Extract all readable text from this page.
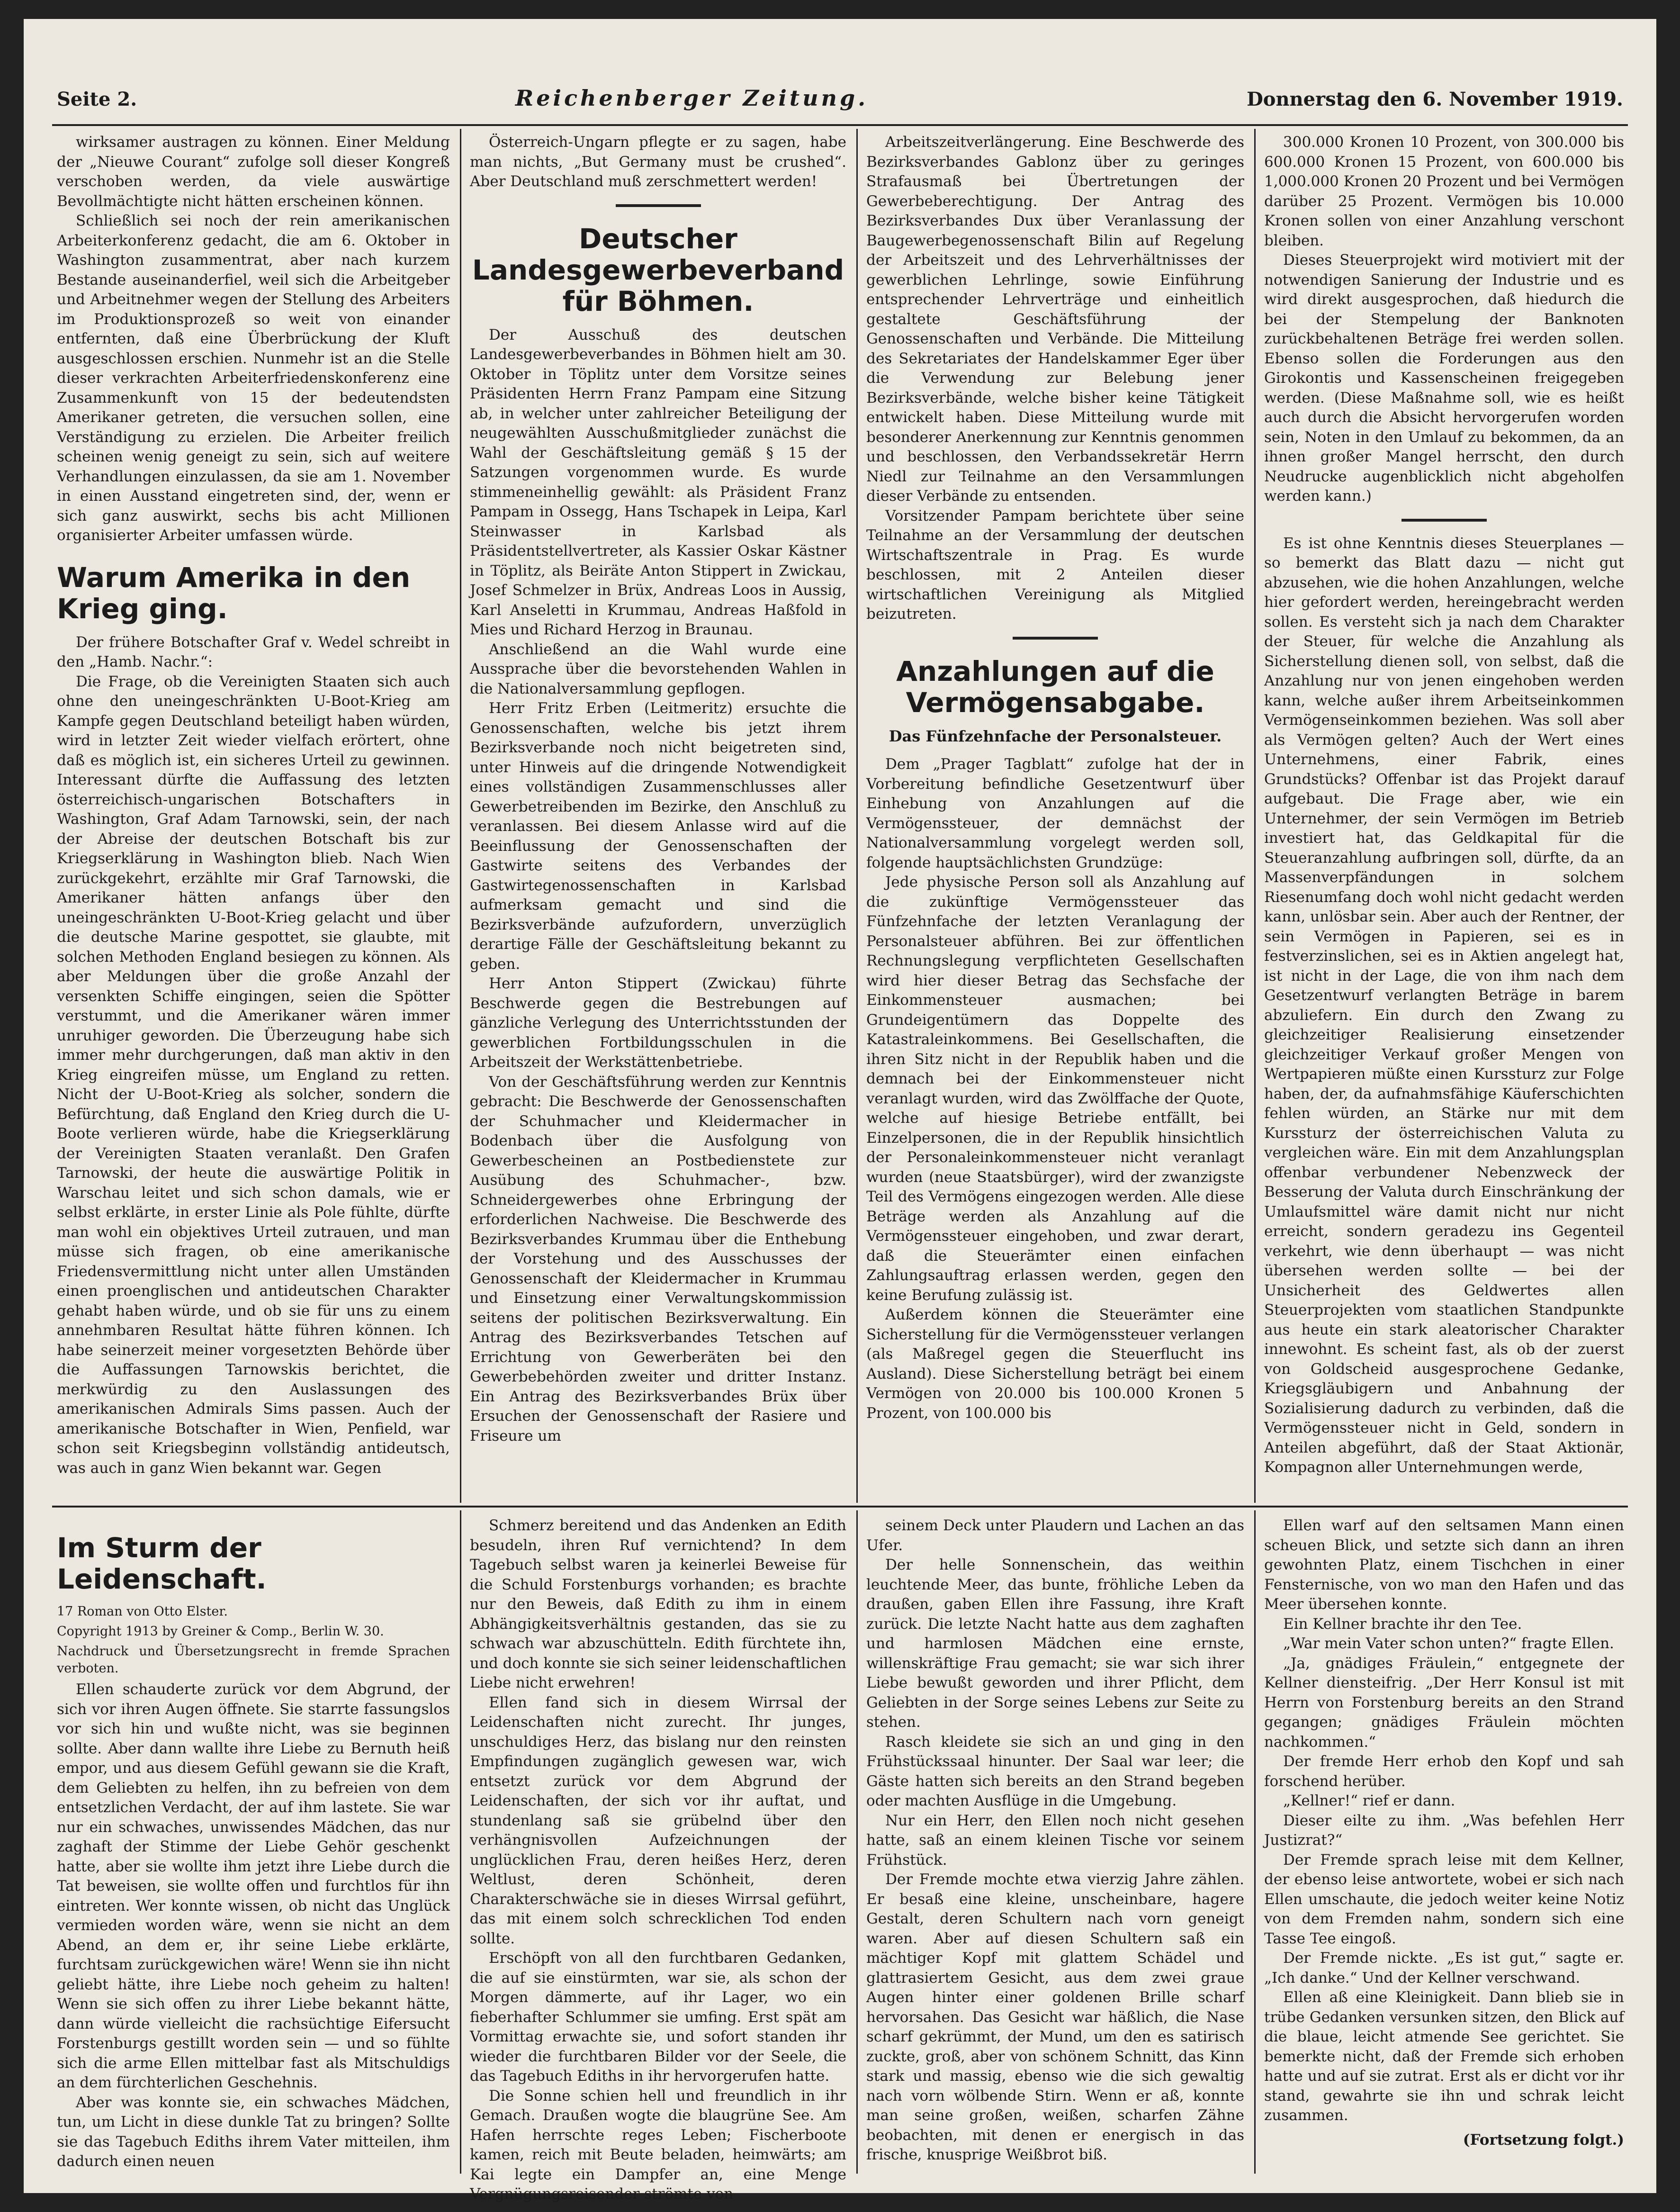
Seite 2.	Reichenberger Zeitung.	Donnerstag den 6. November 1919.

wirksamer austragen zu können. Einer Meldung der „Nieuwe Courant“ zufolge soll dieser Kongreß verschoben werden, da viele auswärtige Bevollmächtigte nicht hätten erscheinen können.

Schließlich sei noch der rein amerikanischen Arbeiterkonferenz gedacht, die am 6. Oktober in Washington zusammentrat, aber nach kurzem Bestande auseinanderfiel, weil sich die Arbeitgeber und Arbeitnehmer wegen der Stellung des Arbeiters im Produktionsprozeß so weit von einander entfernten, daß eine Überbrückung der Kluft ausgeschlossen erschien. Nunmehr ist an die Stelle dieser verkrachten Arbeiterfriedenskonferenz eine Zusammenkunft von 15 der bedeutendsten Amerikaner getreten, die versuchen sollen, eine Verständigung zu erzielen. Die Arbeiter freilich scheinen wenig geneigt zu sein, sich auf weitere Verhandlungen einzulassen, da sie am 1. November in einen Ausstand eingetreten sind, der, wenn er sich ganz auswirkt, sechs bis acht Millionen organisierter Arbeiter umfassen würde.

Warum Amerika in den Krieg ging.

Der frühere Botschafter Graf v. Wedel schreibt in den „Hamb. Nachr.“:

Die Frage, ob die Vereinigten Staaten sich auch ohne den uneingeschränkten U-Boot-Krieg am Kampfe gegen Deutschland beteiligt haben würden, wird in letzter Zeit wieder vielfach erörtert, ohne daß es möglich ist, ein sicheres Urteil zu gewinnen. Interessant dürfte die Auffassung des letzten österreichisch-ungarischen Botschafters in Washington, Graf Adam Tarnowski, sein, der nach der Abreise der deutschen Botschaft bis zur Kriegserklärung in Washington blieb. Nach Wien zurückgekehrt, erzählte mir Graf Tarnowski, die Amerikaner hätten anfangs über den uneingeschränkten U-Boot-Krieg gelacht und über die deutsche Marine gespottet, sie glaubte, mit solchen Methoden England besiegen zu können. Als aber Meldungen über die große Anzahl der versenkten Schiffe eingingen, seien die Spötter verstummt, und die Amerikaner wären immer unruhiger geworden. Die Überzeugung habe sich immer mehr durchgerungen, daß man aktiv in den Krieg eingreifen müsse, um England zu retten. Nicht der U-Boot-Krieg als solcher, sondern die Befürchtung, daß England den Krieg durch die U-Boote verlieren würde, habe die Kriegserklärung der Vereinigten Staaten veranlaßt. Den Grafen Tarnowski, der heute die auswärtige Politik in Warschau leitet und sich schon damals, wie er selbst erklärte, in erster Linie als Pole fühlte, dürfte man wohl ein objektives Urteil zutrauen, und man müsse sich fragen, ob eine amerikanische Friedensvermittlung nicht unter allen Umständen einen proenglischen und antideutschen Charakter gehabt haben würde, und ob sie für uns zu einem annehmbaren Resultat hätte führen können. Ich habe seinerzeit meiner vorgesetzten Behörde über die Auffassungen Tarnowskis berichtet, die merkwürdig zu den Auslassungen des amerikanischen Admirals Sims passen. Auch der amerikanische Botschafter in Wien, Penfield, war schon seit Kriegsbeginn vollständig antideutsch, was auch in ganz Wien bekannt war. Gegen

Österreich-Ungarn pflegte er zu sagen, habe man nichts, „But Germany must be crushed“. Aber Deutschland muß zerschmettert werden!

Deutscher Landesgewerbeverband für Böhmen.

Der Ausschuß des deutschen Landesgewerbeverbandes in Böhmen hielt am 30. Oktober in Töplitz unter dem Vorsitze seines Präsidenten Herrn Franz Pampam eine Sitzung ab, in welcher unter zahlreicher Beteiligung der neugewählten Ausschußmitglieder zunächst die Wahl der Geschäftsleitung gemäß § 15 der Satzungen vorgenommen wurde. Es wurde stimmeneinhellig gewählt: als Präsident Franz Pampam in Ossegg, Hans Tschapek in Leipa, Karl Steinwasser in Karlsbad als Präsidentstellvertreter, als Kassier Oskar Kästner in Töplitz, als Beiräte Anton Stippert in Zwickau, Josef Schmelzer in Brüx, Andreas Loos in Aussig, Karl Anseletti in Krummau, Andreas Haßfold in Mies und Richard Herzog in Braunau.

Anschließend an die Wahl wurde eine Aussprache über die bevorstehenden Wahlen in die Nationalversammlung gepflogen.

Herr Fritz Erben (Leitmeritz) ersuchte die Genossenschaften, welche bis jetzt ihrem Bezirksverbande noch nicht beigetreten sind, unter Hinweis auf die dringende Notwendigkeit eines vollständigen Zusammenschlusses aller Gewerbetreibenden im Bezirke, den Anschluß zu veranlassen. Bei diesem Anlasse wird auf die Beeinflussung der Genossenschaften der Gastwirte seitens des Verbandes der Gastwirtegenossenschaften in Karlsbad aufmerksam gemacht und sind die Bezirksverbände aufzufordern, unverzüglich derartige Fälle der Geschäftsleitung bekannt zu geben.

Herr Anton Stippert (Zwickau) führte Beschwerde gegen die Bestrebungen auf gänzliche Verlegung des Unterrichtsstunden der gewerblichen Fortbildungsschulen in die Arbeitszeit der Werkstättenbetriebe.

Von der Geschäftsführung werden zur Kenntnis gebracht: Die Beschwerde der Genossenschaften der Schuhmacher und Kleidermacher in Bodenbach über die Ausfolgung von Gewerbescheinen an Postbedienstete zur Ausübung des Schuhmacher-, bzw. Schneidergewerbes ohne Erbringung der erforderlichen Nachweise. Die Beschwerde des Bezirksverbandes Krummau über die Enthebung der Vorstehung und des Ausschusses der Genossenschaft der Kleidermacher in Krummau und Einsetzung einer Verwaltungskommission seitens der politischen Bezirksverwaltung. Ein Antrag des Bezirksverbandes Tetschen auf Errichtung von Gewerberäten bei den Gewerbebehörden zweiter und dritter Instanz. Ein Antrag des Bezirksverbandes Brüx über Ersuchen der Genossenschaft der Rasiere und Friseure um

Arbeitszeitverlängerung. Eine Beschwerde des Bezirksverbandes Gablonz über zu geringes Strafausmaß bei Übertretungen der Gewerbeberechtigung. Der Antrag des Bezirksverbandes Dux über Veranlassung der Baugewerbegenossenschaft Bilin auf Regelung der Arbeitszeit und des Lehrverhältnisses der gewerblichen Lehrlinge, sowie Einführung entsprechender Lehrverträge und einheitlich gestaltete Geschäftsführung der Genossenschaften und Verbände. Die Mitteilung des Sekretariates der Handelskammer Eger über die Verwendung zur Belebung jener Bezirksverbände, welche bisher keine Tätigkeit entwickelt haben. Diese Mitteilung wurde mit besonderer Anerkennung zur Kenntnis genommen und beschlossen, den Verbandssekretär Herrn Niedl zur Teilnahme an den Versammlungen dieser Verbände zu entsenden.

Vorsitzender Pampam berichtete über seine Teilnahme an der Versammlung der deutschen Wirtschaftszentrale in Prag. Es wurde beschlossen, mit 2 Anteilen dieser wirtschaftlichen Vereinigung als Mitglied beizutreten.

Anzahlungen auf die Vermögensabgabe.
Das Fünfzehnfache der Personalsteuer.

Dem „Prager Tagblatt“ zufolge hat der in Vorbereitung befindliche Gesetzentwurf über Einhebung von Anzahlungen auf die Vermögenssteuer, der demnächst der Nationalversammlung vorgelegt werden soll, folgende hauptsächlichsten Grundzüge:

Jede physische Person soll als Anzahlung auf die zukünftige Vermögenssteuer das Fünfzehnfache der letzten Veranlagung der Personalsteuer abführen. Bei zur öffentlichen Rechnungslegung verpflichteten Gesellschaften wird hier dieser Betrag das Sechsfache der Einkommensteuer ausmachen; bei Grundeigentümern das Doppelte des Katastraleinkommens. Bei Gesellschaften, die ihren Sitz nicht in der Republik haben und die demnach bei der Einkommensteuer nicht veranlagt wurden, wird das Zwölffache der Quote, welche auf hiesige Betriebe entfällt, bei Einzelpersonen, die in der Republik hinsichtlich der Personaleinkommensteuer nicht veranlagt wurden (neue Staatsbürger), wird der zwanzigste Teil des Vermögens eingezogen werden. Alle diese Beträge werden als Anzahlung auf die Vermögenssteuer eingehoben, und zwar derart, daß die Steuerämter einen einfachen Zahlungsauftrag erlassen werden, gegen den keine Berufung zulässig ist.

Außerdem können die Steuerämter eine Sicherstellung für die Vermögenssteuer verlangen (als Maßregel gegen die Steuerflucht ins Ausland). Diese Sicherstellung beträgt bei einem Vermögen von 20.000 bis 100.000 Kronen 5 Prozent, von 100.000 bis

300.000 Kronen 10 Prozent, von 300.000 bis 600.000 Kronen 15 Prozent, von 600.000 bis 1,000.000 Kronen 20 Prozent und bei Vermögen darüber 25 Prozent. Vermögen bis 10.000 Kronen sollen von einer Anzahlung verschont bleiben.

Dieses Steuerprojekt wird motiviert mit der notwendigen Sanierung der Industrie und es wird direkt ausgesprochen, daß hiedurch die bei der Stempelung der Banknoten zurückbehaltenen Beträge frei werden sollen. Ebenso sollen die Forderungen aus den Girokontis und Kassenscheinen freigegeben werden. (Diese Maßnahme soll, wie es heißt auch durch die Absicht hervorgerufen worden sein, Noten in den Umlauf zu bekommen, da an ihnen großer Mangel herrscht, den durch Neudrucke augenblicklich nicht abgeholfen werden kann.)

Es ist ohne Kenntnis dieses Steuerplanes — so bemerkt das Blatt dazu — nicht gut abzusehen, wie die hohen Anzahlungen, welche hier gefordert werden, hereingebracht werden sollen. Es versteht sich ja nach dem Charakter der Steuer, für welche die Anzahlung als Sicherstellung dienen soll, von selbst, daß die Anzahlung nur von jenen eingehoben werden kann, welche außer ihrem Arbeitseinkommen Vermögenseinkommen beziehen. Was soll aber als Vermögen gelten? Auch der Wert eines Unternehmens, einer Fabrik, eines Grundstücks? Offenbar ist das Projekt darauf aufgebaut. Die Frage aber, wie ein Unternehmer, der sein Vermögen im Betrieb investiert hat, das Geldkapital für die Steueranzahlung aufbringen soll, dürfte, da an Massenverpfändungen in solchem Riesenumfang doch wohl nicht gedacht werden kann, unlösbar sein. Aber auch der Rentner, der sein Vermögen in Papieren, sei es in festverzinslichen, sei es in Aktien angelegt hat, ist nicht in der Lage, die von ihm nach dem Gesetzentwurf verlangten Beträge in barem abzuliefern. Ein durch den Zwang zu gleichzeitiger Realisierung einsetzender gleichzeitiger Verkauf großer Mengen von Wertpapieren müßte einen Kurssturz zur Folge haben, der, da aufnahmsfähige Käuferschichten fehlen würden, an Stärke nur mit dem Kurssturz der österreichischen Valuta zu vergleichen wäre. Ein mit dem Anzahlungsplan offenbar verbundener Nebenzweck der Besserung der Valuta durch Einschränkung der Umlaufsmittel wäre damit nicht nur nicht erreicht, sondern geradezu ins Gegenteil verkehrt, wie denn überhaupt — was nicht übersehen werden sollte — bei der Unsicherheit des Geldwertes allen Steuerprojekten vom staatlichen Standpunkte aus heute ein stark aleatorischer Charakter innewohnt. Es scheint fast, als ob der zuerst von Goldscheid ausgesprochene Gedanke, Kriegsgläubigern und Anbahnung der Sozialisierung dadurch zu verbinden, daß die Vermögenssteuer nicht in Geld, sondern in Anteilen abgeführt, daß der Staat Aktionär, Kompagnon aller Unternehmungen werde,

Im Sturm der Leidenschaft.

17 Roman von Otto Elster.

Copyright 1913 by Greiner & Comp., Berlin W. 30.

Nachdruck und Übersetzungsrecht in fremde Sprachen verboten.

Ellen schauderte zurück vor dem Abgrund, der sich vor ihren Augen öffnete. Sie starrte fassungslos vor sich hin und wußte nicht, was sie beginnen sollte. Aber dann wallte ihre Liebe zu Bernuth heiß empor, und aus diesem Gefühl gewann sie die Kraft, dem Geliebten zu helfen, ihn zu befreien von dem entsetzlichen Verdacht, der auf ihm lastete. Sie war nur ein schwaches, unwissendes Mädchen, das nur zaghaft der Stimme der Liebe Gehör geschenkt hatte, aber sie wollte ihm jetzt ihre Liebe durch die Tat beweisen, sie wollte offen und furchtlos für ihn eintreten. Wer konnte wissen, ob nicht das Unglück vermieden worden wäre, wenn sie nicht an dem Abend, an dem er, ihr seine Liebe erklärte, furchtsam zurückgewichen wäre! Wenn sie ihn nicht geliebt hätte, ihre Liebe noch geheim zu halten! Wenn sie sich offen zu ihrer Liebe bekannt hätte, dann würde vielleicht die rachsüchtige Eifersucht Forstenburgs gestillt worden sein — und so fühlte sich die arme Ellen mittelbar fast als Mitschuldigs an dem fürchterlichen Geschehnis.

Aber was konnte sie, ein schwaches Mädchen, tun, um Licht in diese dunkle Tat zu bringen? Sollte sie das Tagebuch Ediths ihrem Vater mitteilen, ihm dadurch einen neuen

Schmerz bereitend und das Andenken an Edith besudeln, ihren Ruf vernichtend? In dem Tagebuch selbst waren ja keinerlei Beweise für die Schuld Forstenburgs vorhanden; es brachte nur den Beweis, daß Edith zu ihm in einem Abhängigkeitsverhältnis gestanden, das sie zu schwach war abzuschütteln. Edith fürchtete ihn, und doch konnte sie sich seiner leidenschaftlichen Liebe nicht erwehren!

Ellen fand sich in diesem Wirrsal der Leidenschaften nicht zurecht. Ihr junges, unschuldiges Herz, das bislang nur den reinsten Empfindungen zugänglich gewesen war, wich entsetzt zurück vor dem Abgrund der Leidenschaften, der sich vor ihr auftat, und stundenlang saß sie grübelnd über den verhängnisvollen Aufzeichnungen der unglücklichen Frau, deren heißes Herz, deren Weltlust, deren Schönheit, deren Charakterschwäche sie in dieses Wirrsal geführt, das mit einem solch schrecklichen Tod enden sollte.

Erschöpft von all den furchtbaren Gedanken, die auf sie einstürmten, war sie, als schon der Morgen dämmerte, auf ihr Lager, wo ein fieberhafter Schlummer sie umfing. Erst spät am Vormittag erwachte sie, und sofort standen ihr wieder die furchtbaren Bilder vor der Seele, die das Tagebuch Ediths in ihr hervorgerufen hatte.

Die Sonne schien hell und freundlich in ihr Gemach. Draußen wogte die blaugrüne See. Am Hafen herrschte reges Leben; Fischerboote kamen, reich mit Beute beladen, heimwärts; am Kai legte ein Dampfer an, eine Menge Vergnügungsreisender strömte von

seinem Deck unter Plaudern und Lachen an das Ufer.

Der helle Sonnenschein, das weithin leuchtende Meer, das bunte, fröhliche Leben da draußen, gaben Ellen ihre Fassung, ihre Kraft zurück. Die letzte Nacht hatte aus dem zaghaften und harmlosen Mädchen eine ernste, willenskräftige Frau gemacht; sie war sich ihrer Liebe bewußt geworden und ihrer Pflicht, dem Geliebten in der Sorge seines Lebens zur Seite zu stehen.

Rasch kleidete sie sich an und ging in den Frühstückssaal hinunter. Der Saal war leer; die Gäste hatten sich bereits an den Strand begeben oder machten Ausflüge in die Umgebung.

Nur ein Herr, den Ellen noch nicht gesehen hatte, saß an einem kleinen Tische vor seinem Frühstück.

Der Fremde mochte etwa vierzig Jahre zählen. Er besaß eine kleine, unscheinbare, hagere Gestalt, deren Schultern nach vorn geneigt waren. Aber auf diesen Schultern saß ein mächtiger Kopf mit glattem Schädel und glattrasiertem Gesicht, aus dem zwei graue Augen hinter einer goldenen Brille scharf hervorsahen. Das Gesicht war häßlich, die Nase scharf gekrümmt, der Mund, um den es satirisch zuckte, groß, aber von schönem Schnitt, das Kinn stark und massig, ebenso wie die sich gewaltig nach vorn wölbende Stirn. Wenn er aß, konnte man seine großen, weißen, scharfen Zähne beobachten, mit denen er energisch in das frische, knusprige Weißbrot biß.

Ellen warf auf den seltsamen Mann einen scheuen Blick, und setzte sich dann an ihren gewohnten Platz, einem Tischchen in einer Fensternische, von wo man den Hafen und das Meer übersehen konnte.

Ein Kellner brachte ihr den Tee.

„War mein Vater schon unten?“ fragte Ellen.

„Ja, gnädiges Fräulein,“ entgegnete der Kellner diensteifrig. „Der Herr Konsul ist mit Herrn von Forstenburg bereits an den Strand gegangen; gnädiges Fräulein möchten nachkommen.“

Der fremde Herr erhob den Kopf und sah forschend herüber.

„Kellner!“ rief er dann.

Dieser eilte zu ihm. „Was befehlen Herr Justizrat?“

Der Fremde sprach leise mit dem Kellner, der ebenso leise antwortete, wobei er sich nach Ellen umschaute, die jedoch weiter keine Notiz von dem Fremden nahm, sondern sich eine Tasse Tee eingoß.

Der Fremde nickte. „Es ist gut,“ sagte er. „Ich danke.“ Und der Kellner verschwand.

Ellen aß eine Kleinigkeit. Dann blieb sie in trübe Gedanken versunken sitzen, den Blick auf die blaue, leicht atmende See gerichtet. Sie bemerkte nicht, daß der Fremde sich erhoben hatte und auf sie zutrat. Erst als er dicht vor ihr stand, gewahrte sie ihn und schrak leicht zusammen.

(Fortsetzung folgt.)
